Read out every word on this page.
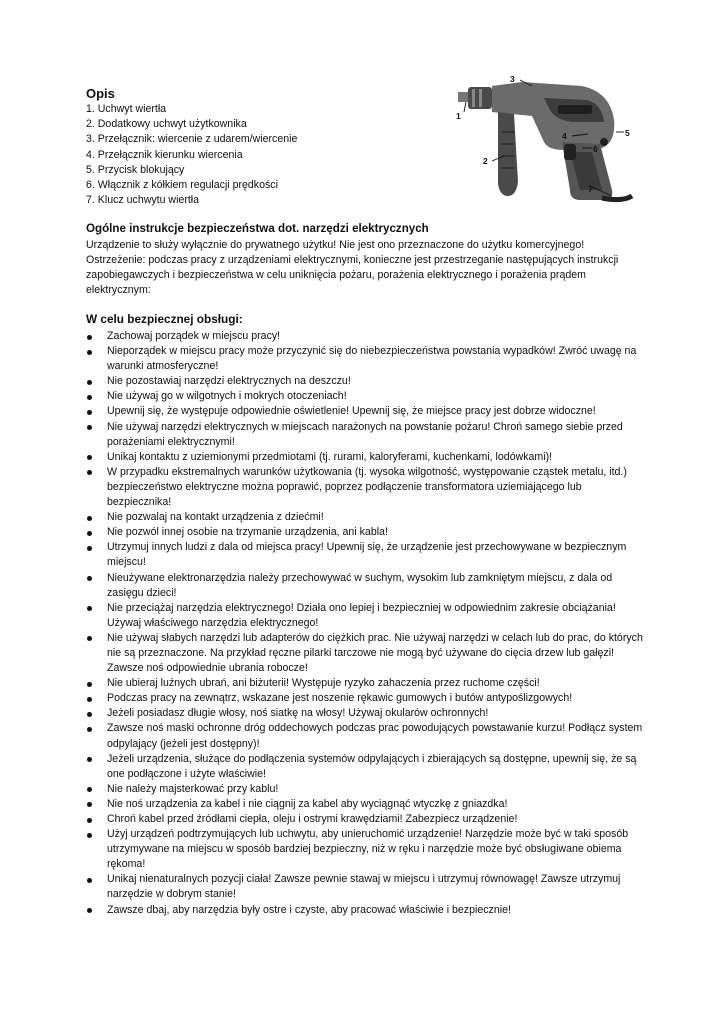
Opis
1. Uchwyt wiertła
2. Dodatkowy uchwyt użytkownika
3. Przełącznik: wiercenie z udarem/wiercenie
4. Przełącznik kierunku wiercenia
5. Przycisk blokujący
6. Włącznik z kółkiem regulacji prędkości
7. Klucz uchwytu wiertła
1
2
3
4	5
6
7
Ogólne instrukcje bezpieczeństwa dot. narzędzi elektrycznych

Urządzenie to służy wyłącznie do prywatnego użytku! Nie jest ono przeznaczone do użytku komercyjnego!

Ostrzeżenie: podczas pracy z urządzeniami elektrycznymi, konieczne jest przestrzeganie następujących instrukcji zapobiegawczych i bezpieczeństwa w celu uniknięcia pożaru, porażenia elektrycznego i porażenia prądem elektrycznym:

W celu bezpiecznej obsługi:
Zachowaj porządek w miejscu pracy!
Nieporządek w miejscu pracy może przyczynić się do niebezpieczeństwa powstania wypadków! Zwróć uwagę na warunki atmosferyczne!
Nie pozostawiaj narzędzi elektrycznych na deszczu!
Nie używaj go w wilgotnych i mokrych otoczeniach!
Upewnij się, że występuje odpowiednie oświetlenie! Upewnij się, że miejsce pracy jest dobrze widoczne!
Nie używaj narzędzi elektrycznych w miejscach narażonych na powstanie pożaru! Chroń samego siebie przed porażeniami elektrycznymi!
Unikaj kontaktu z uziemionymi przedmiotami (tj. rurami, kaloryferami, kuchenkami, lodówkami)!
W przypadku ekstremalnych warunków użytkowania (tj. wysoka wilgotność, występowanie cząstek metalu, itd.) bezpieczeństwo elektryczne można poprawić, poprzez podłączenie transformatora uziemiającego lub bezpiecznika!
Nie pozwalaj na kontakt urządzenia z dziećmi!
Nie pozwól innej osobie na trzymanie urządzenia, ani kabla!
Utrzymuj innych ludzi z dala od miejsca pracy! Upewnij się, że urządzenie jest przechowywane w bezpiecznym miejscu!
Nieużywane elektronarzędzia należy przechowywać w suchym, wysokim lub zamkniętym miejscu, z dala od zasięgu dzieci!
Nie przeciążaj narzędzia elektrycznego! Działa ono lepiej i bezpieczniej w odpowiednim zakresie obciążania! Używaj właściwego narzędzia elektrycznego!
Nie używaj słabych narzędzi lub adapterów do ciężkich prac. Nie używaj narzędzi w celach lub do prac, do których nie są przeznaczone. Na przykład ręczne pilarki tarczowe nie mogą być używane do cięcia drzew lub gałęzi! Zawsze noś odpowiednie ubrania robocze!
Nie ubieraj luźnych ubrań, ani biżuterii! Występuje ryzyko zahaczenia przez ruchome części!
Podczas pracy na zewnątrz, wskazane jest noszenie rękawic gumowych i butów antypoślizgowych!
Jeżeli posiadasz długie włosy, noś siatkę na włosy! Używaj okularów ochronnych!
Zawsze noś maski ochronne dróg oddechowych podczas prac powodujących powstawanie kurzu! Podłącz system odpylający (jeżeli jest dostępny)!
Jeżeli urządzenia, służące do podłączenia systemów odpylających i zbierających są dostępne, upewnij się, że są one podłączone i użyte właściwie!
Nie należy majsterkować przy kablu!
Nie noś urządzenia za kabel i nie ciągnij za kabel aby wyciągnąć wtyczkę z gniazdka!
Chroń kabel przed źródłami ciepła, oleju i ostrymi krawędziami! Zabezpiecz urządzenie!
Użyj urządzeń podtrzymujących lub uchwytu, aby unieruchomić urządzenie! Narzędzie może być w taki sposób utrzymywane na miejscu w sposób bardziej bezpieczny, niż w ręku i narzędzie może być obsługiwane obiema rękoma!
Unikaj nienaturalnych pozycji ciała! Zawsze pewnie stawaj w miejscu i utrzymuj równowagę! Zawsze utrzymuj narzędzie w dobrym stanie!
Zawsze dbaj, aby narzędzia były ostre i czyste, aby pracować właściwie i bezpiecznie!
